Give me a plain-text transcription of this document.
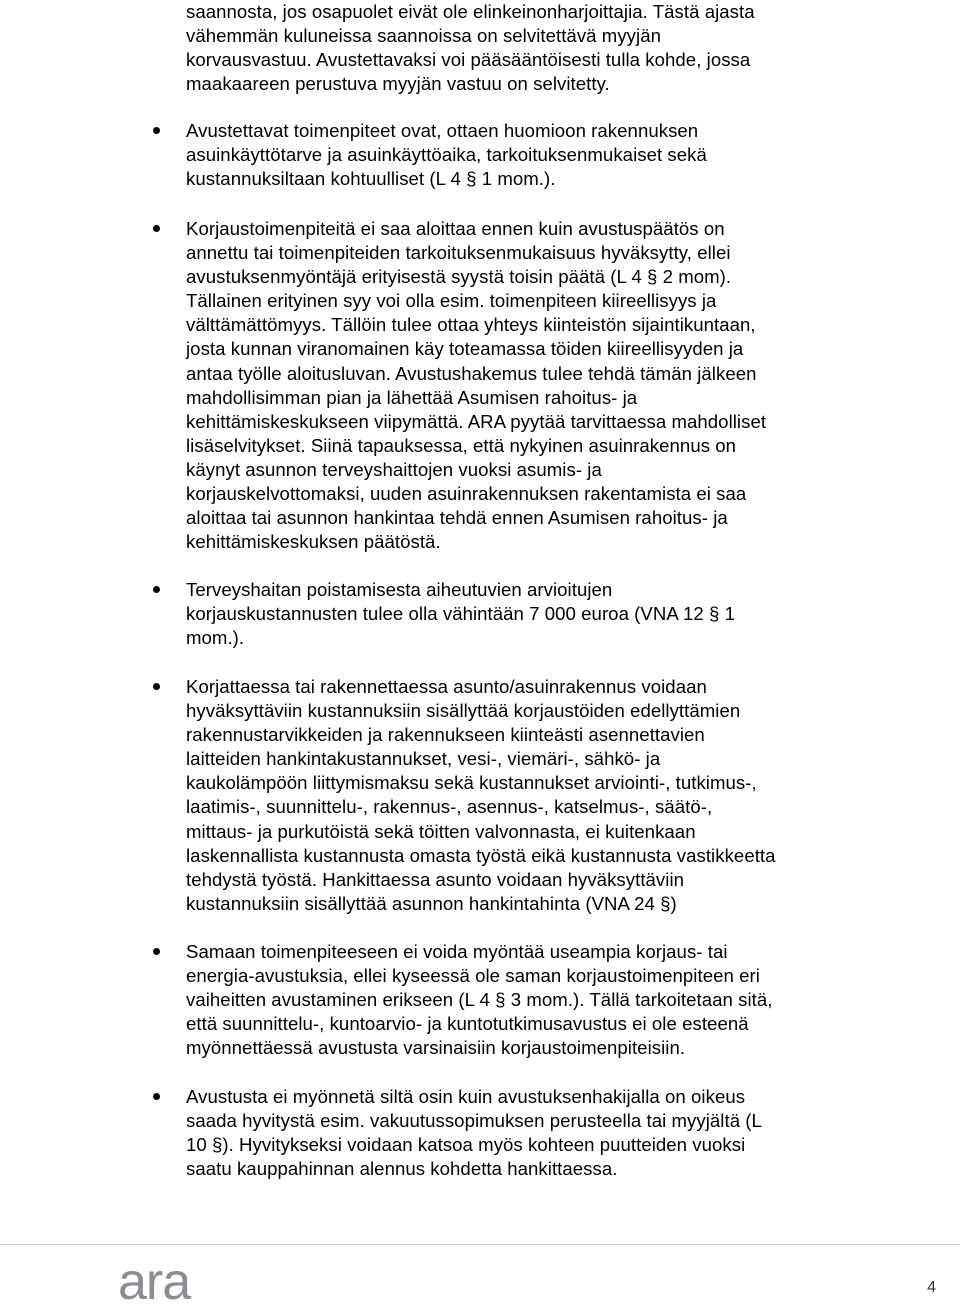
saannosta, jos osapuolet eivät ole elinkeinonharjoittajia. Tästä ajasta
vähemmän kuluneissa saannoissa on selvitettävä myyjän
korvausvastuu. Avustettavaksi voi pääsääntöisesti tulla kohde, jossa
maakaareen perustuva myyjän vastuu on selvitetty.
Avustettavat toimenpiteet ovat, ottaen huomioon rakennuksen
asuinkäyttötarve ja asuinkäyttöaika, tarkoituksenmukaiset sekä
kustannuksiltaan kohtuulliset (L 4 § 1 mom.).
Korjaustoimenpiteitä ei saa aloittaa ennen kuin avustuspäätös on
annettu tai toimenpiteiden tarkoituksenmukaisuus hyväksytty, ellei
avustuksenmyöntäjä erityisestä syystä toisin päätä (L 4 § 2 mom).
Tällainen erityinen syy voi olla esim. toimenpiteen kiireellisyys ja
välttämättömyys. Tällöin tulee ottaa yhteys kiinteistön sijaintikuntaan,
josta kunnan viranomainen käy toteamassa töiden kiireellisyyden ja
antaa työlle aloitusluvan. Avustushakemus tulee tehdä tämän jälkeen
mahdollisimman pian ja lähettää Asumisen rahoitus- ja
kehittämiskeskukseen viipymättä. ARA pyytää tarvittaessa mahdolliset
lisäselvitykset. Siinä tapauksessa, että nykyinen asuinrakennus on
käynyt asunnon terveyshaittojen vuoksi asumis- ja
korjauskelvottomaksi, uuden asuinrakennuksen rakentamista ei saa
aloittaa tai asunnon hankintaa tehdä ennen Asumisen rahoitus- ja
kehittämiskeskuksen päätöstä.
Terveyshaitan poistamisesta aiheutuvien arvioitujen
korjauskustannusten tulee olla vähintään 7 000 euroa (VNA 12 § 1
mom.).
Korjattaessa tai rakennettaessa asunto/asuinrakennus voidaan
hyväksyttäviin kustannuksiin sisällyttää korjaustöiden edellyttämien
rakennustarvikkeiden ja rakennukseen kiinteästi asennettavien
laitteiden hankintakustannukset, vesi-, viemäri-, sähkö- ja
kaukolämpöön liittymismaksu sekä kustannukset arviointi-, tutkimus-,
laatimis-, suunnittelu-, rakennus-, asennus-, katselmus-, säätö-,
mittaus- ja purkutöistä sekä töitten valvonnasta, ei kuitenkaan
laskennallista kustannusta omasta työstä eikä kustannusta vastikkeetta
tehdystä työstä. Hankittaessa asunto voidaan hyväksyttäviin
kustannuksiin sisällyttää asunnon hankintahinta (VNA 24 §)
Samaan toimenpiteeseen ei voida myöntää useampia korjaus- tai
energia-avustuksia, ellei kyseessä ole saman korjaustoimenpiteen eri
vaiheitten avustaminen erikseen (L 4 § 3 mom.). Tällä tarkoitetaan sitä,
että suunnittelu-, kuntoarvio- ja kuntotutkimusavustus ei ole esteenä
myönnettäessä avustusta varsinaisiin korjaustoimenpiteisiin.
Avustusta ei myönnetä siltä osin kuin avustuksenhakijalla on oikeus
saada hyvitystä esim. vakuutussopimuksen perusteella tai myyjältä (L
10 §). Hyvitykseksi voidaan katsoa myös kohteen puutteiden vuoksi
saatu kauppahinnan alennus kohdetta hankittaessa.
ara	4
